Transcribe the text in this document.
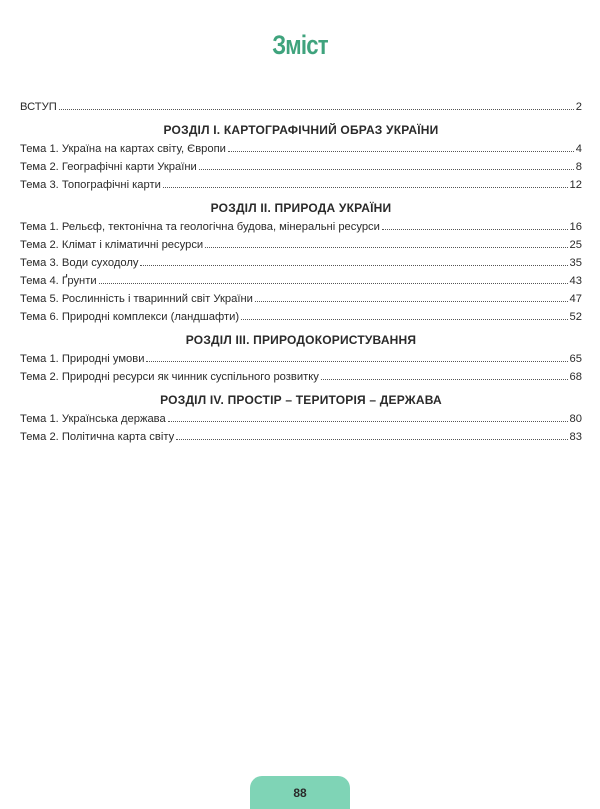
Зміст
ВСТУП	2
РОЗДІЛ І. КАРТОГРАФІЧНИЙ ОБРАЗ УКРАЇНИ
Тема 1. Україна на картах світу, Європи	4
Тема 2. Географічні карти України	8
Тема 3. Топографічні карти	12
РОЗДІЛ ІІ. ПРИРОДА УКРАЇНИ
Тема 1. Рельєф, тектонічна та геологічна будова, мінеральні ресурси	16
Тема 2. Клімат і кліматичні ресурси	25
Тема 3. Води суходолу	35
Тема 4. Ґрунти	43
Тема 5. Рослинність і тваринний світ України	47
Тема 6. Природні комплекси (ландшафти)	52
РОЗДІЛ ІІІ. ПРИРОДОКОРИСТУВАННЯ
Тема 1. Природні умови	65
Тема 2. Природні ресурси як чинник суспільного розвитку	68
РОЗДІЛ IV. ПРОСТІР – ТЕРИТОРІЯ – ДЕРЖАВА
Тема 1. Українська держава	80
Тема 2. Політична карта світу	83
88
